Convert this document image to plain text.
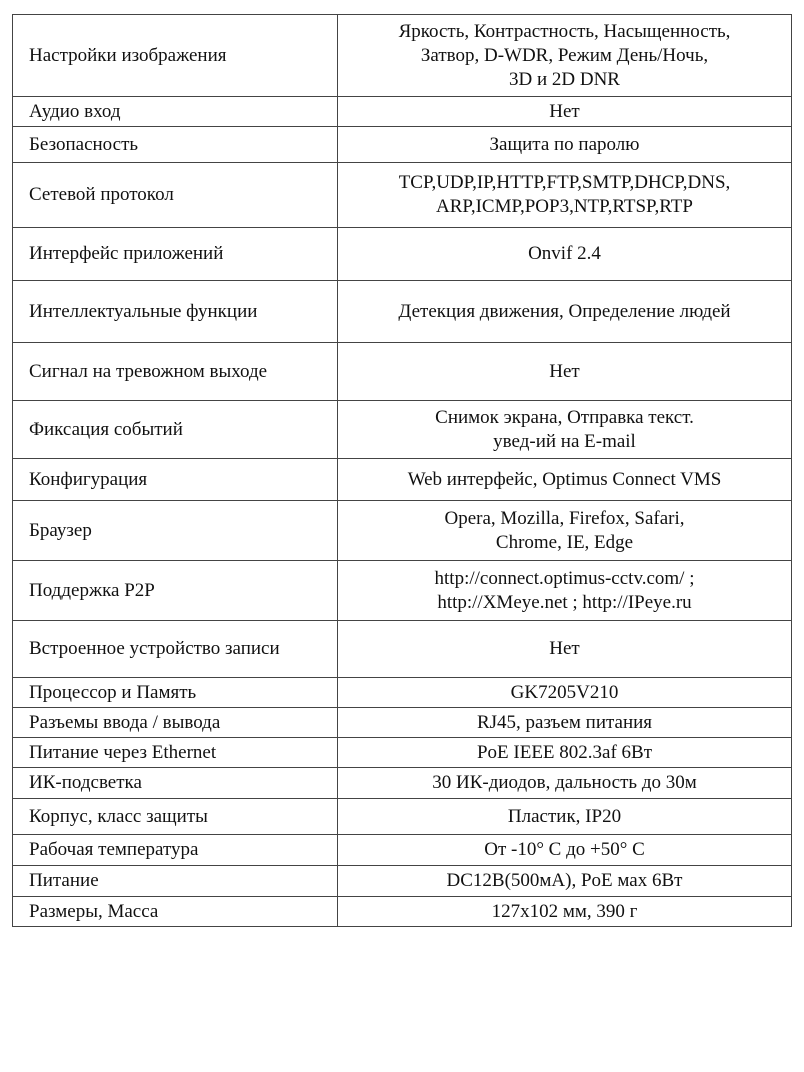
Настройки изображения	Яркость, Контрастность, Насыщенность,
Затвор, D-WDR, Режим День/Ночь,
3D и 2D DNR
Аудио вход	Нет
Безопасность	Защита по паролю
Сетевой протокол	TCP,UDP,IP,HTTP,FTP,SMTP,DHCP,DNS,
ARP,ICMP,POP3,NTP,RTSP,RTP
Интерфейс приложений	Onvif 2.4
Интеллектуальные функции	Детекция движения, Определение людей
Сигнал на тревожном выходе	Нет
Фиксация событий	Снимок экрана, Отправка текст.
увед-ий на E-mail
Конфигурация	Web интерфейс, Optimus Connect VMS
Браузер	Opera, Mozilla, Firefox, Safari,
Chrome, IE, Edge
Поддержка P2P	http://connect.optimus-cctv.com/ ;
http://XMeye.net ; http://IPeye.ru
Встроенное устройство записи	Нет
Процессор и Память	GK7205V210
Разъемы ввода / вывода	RJ45, разъем питания
Питание через Ethernet	PoE IEEE 802.3af 6Вт
ИК-подсветка	30 ИК-диодов, дальность до 30м
Корпус, класс защиты	Пластик, IP20
Рабочая температура	От -10° С до +50° С
Питание	DC12В(500мА), PoE мах 6Вт
Размеры, Масса	127х102 мм, 390 г
